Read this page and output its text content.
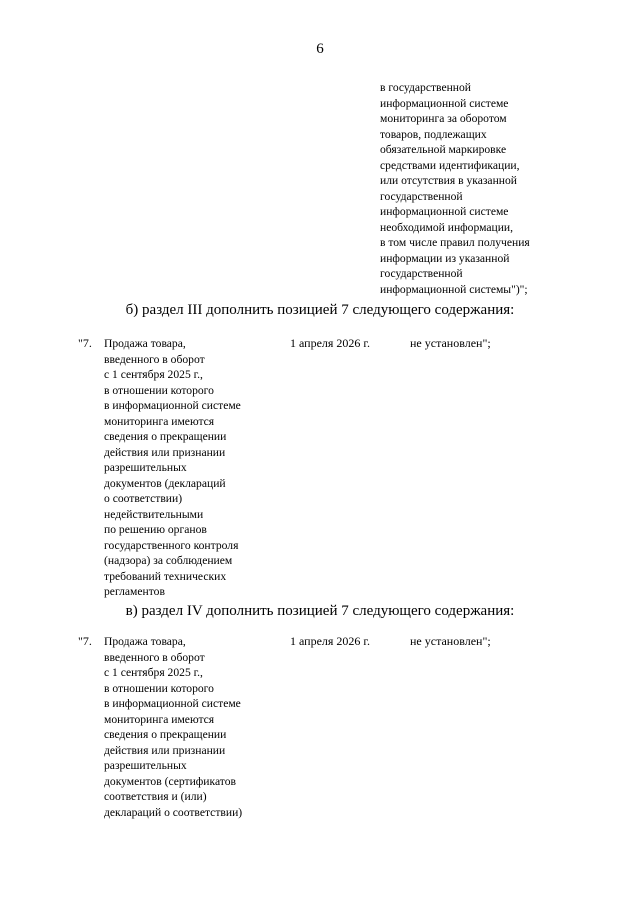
6
в государственной
информационной системе
мониторинга за оборотом
товаров, подлежащих
обязательной маркировке
средствами идентификации,
или отсутствия в указанной
государственной
информационной системе
необходимой информации,
в том числе правил получения
информации из указанной
государственной
информационной системы")";
б) раздел III дополнить позицией 7 следующего содержания:
"7. Продажа товара,
введенного в оборот
с 1 сентября 2025 г.,
в отношении которого
в информационной системе
мониторинга имеются
сведения о прекращении
действия или признании
разрешительных
документов (деклараций
о соответствии)
недействительными
по решению органов
государственного контроля
(надзора) за соблюдением
требований технических
регламентов
1 апреля 2026 г.	не установлен";
в) раздел IV дополнить позицией 7 следующего содержания:
"7. Продажа товара,
введенного в оборот
с 1 сентября 2025 г.,
в отношении которого
в информационной системе
мониторинга имеются
сведения о прекращении
действия или признании
разрешительных
документов (сертификатов
соответствия и (или)
деклараций о соответствии)
1 апреля 2026 г.	не установлен";
